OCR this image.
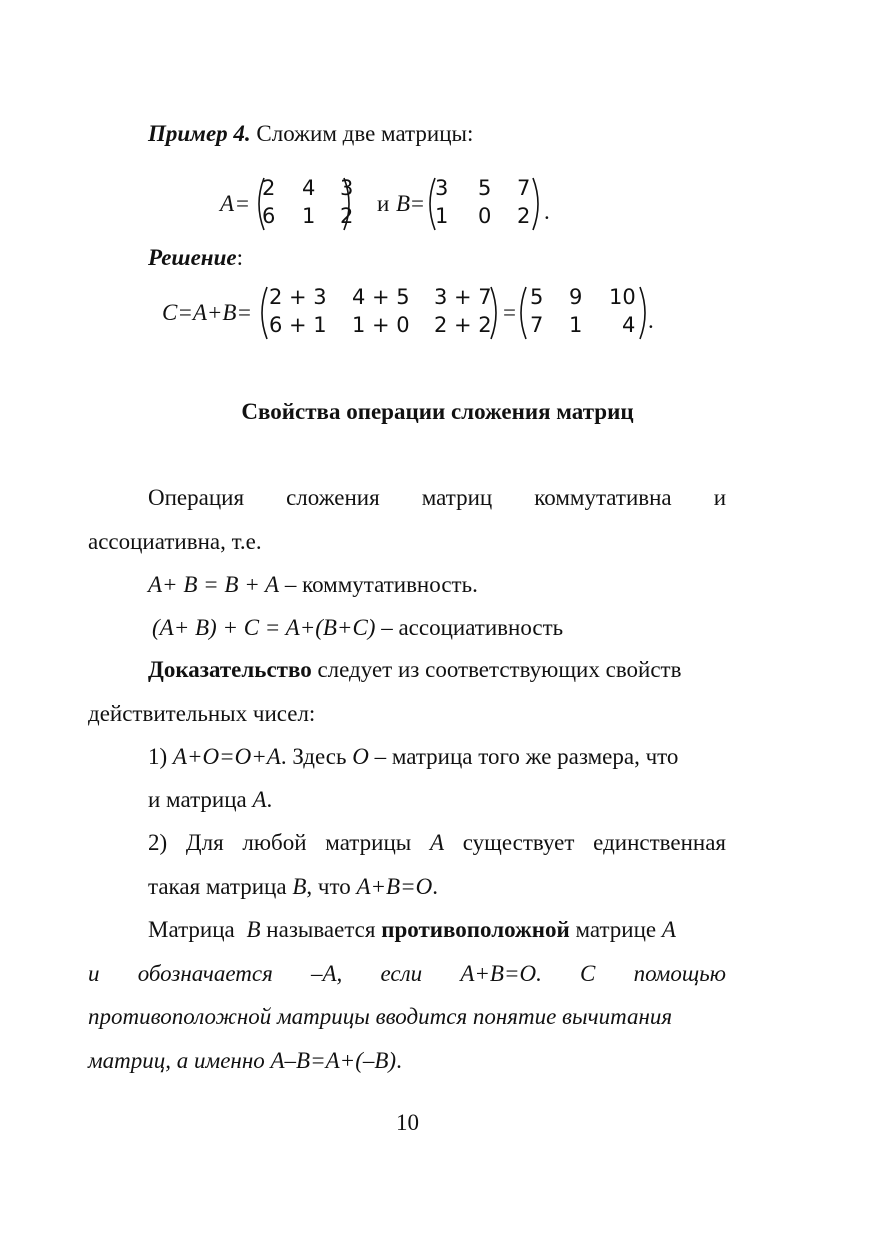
Пример 4. Сложим две матрицы:
A =
2 4 3
6 1 2 и B =
3 5 7
1 0 2 .
Решение:
C=A+B=
2 + 3 4 + 5 3 + 7
6 + 1 1 + 0 2 + 2 =
5 9 10
7 1 4 .
Свойства операции сложения матриц
Операция сложения матриц коммутативна и
ассоциативна, т.е.
A+ B = B + A – коммутативность.
(A+ B) + C = A+(B+C) – ассоциативность
Доказательство следует из соответствующих свойств
действительных чисел:
1) A+O=O+A. Здесь O – матрица того же размера, что
и матрица A.
2) Для любой матрицы A существует единственная
такая матрица B, что A+B=O.
Матрица B называется противоположной матрице A
и обозначается –A, если A+B=O. C помощью
противоположной матрицы вводится понятие вычитания
матриц, а именно A–B=A+(–B).
10
